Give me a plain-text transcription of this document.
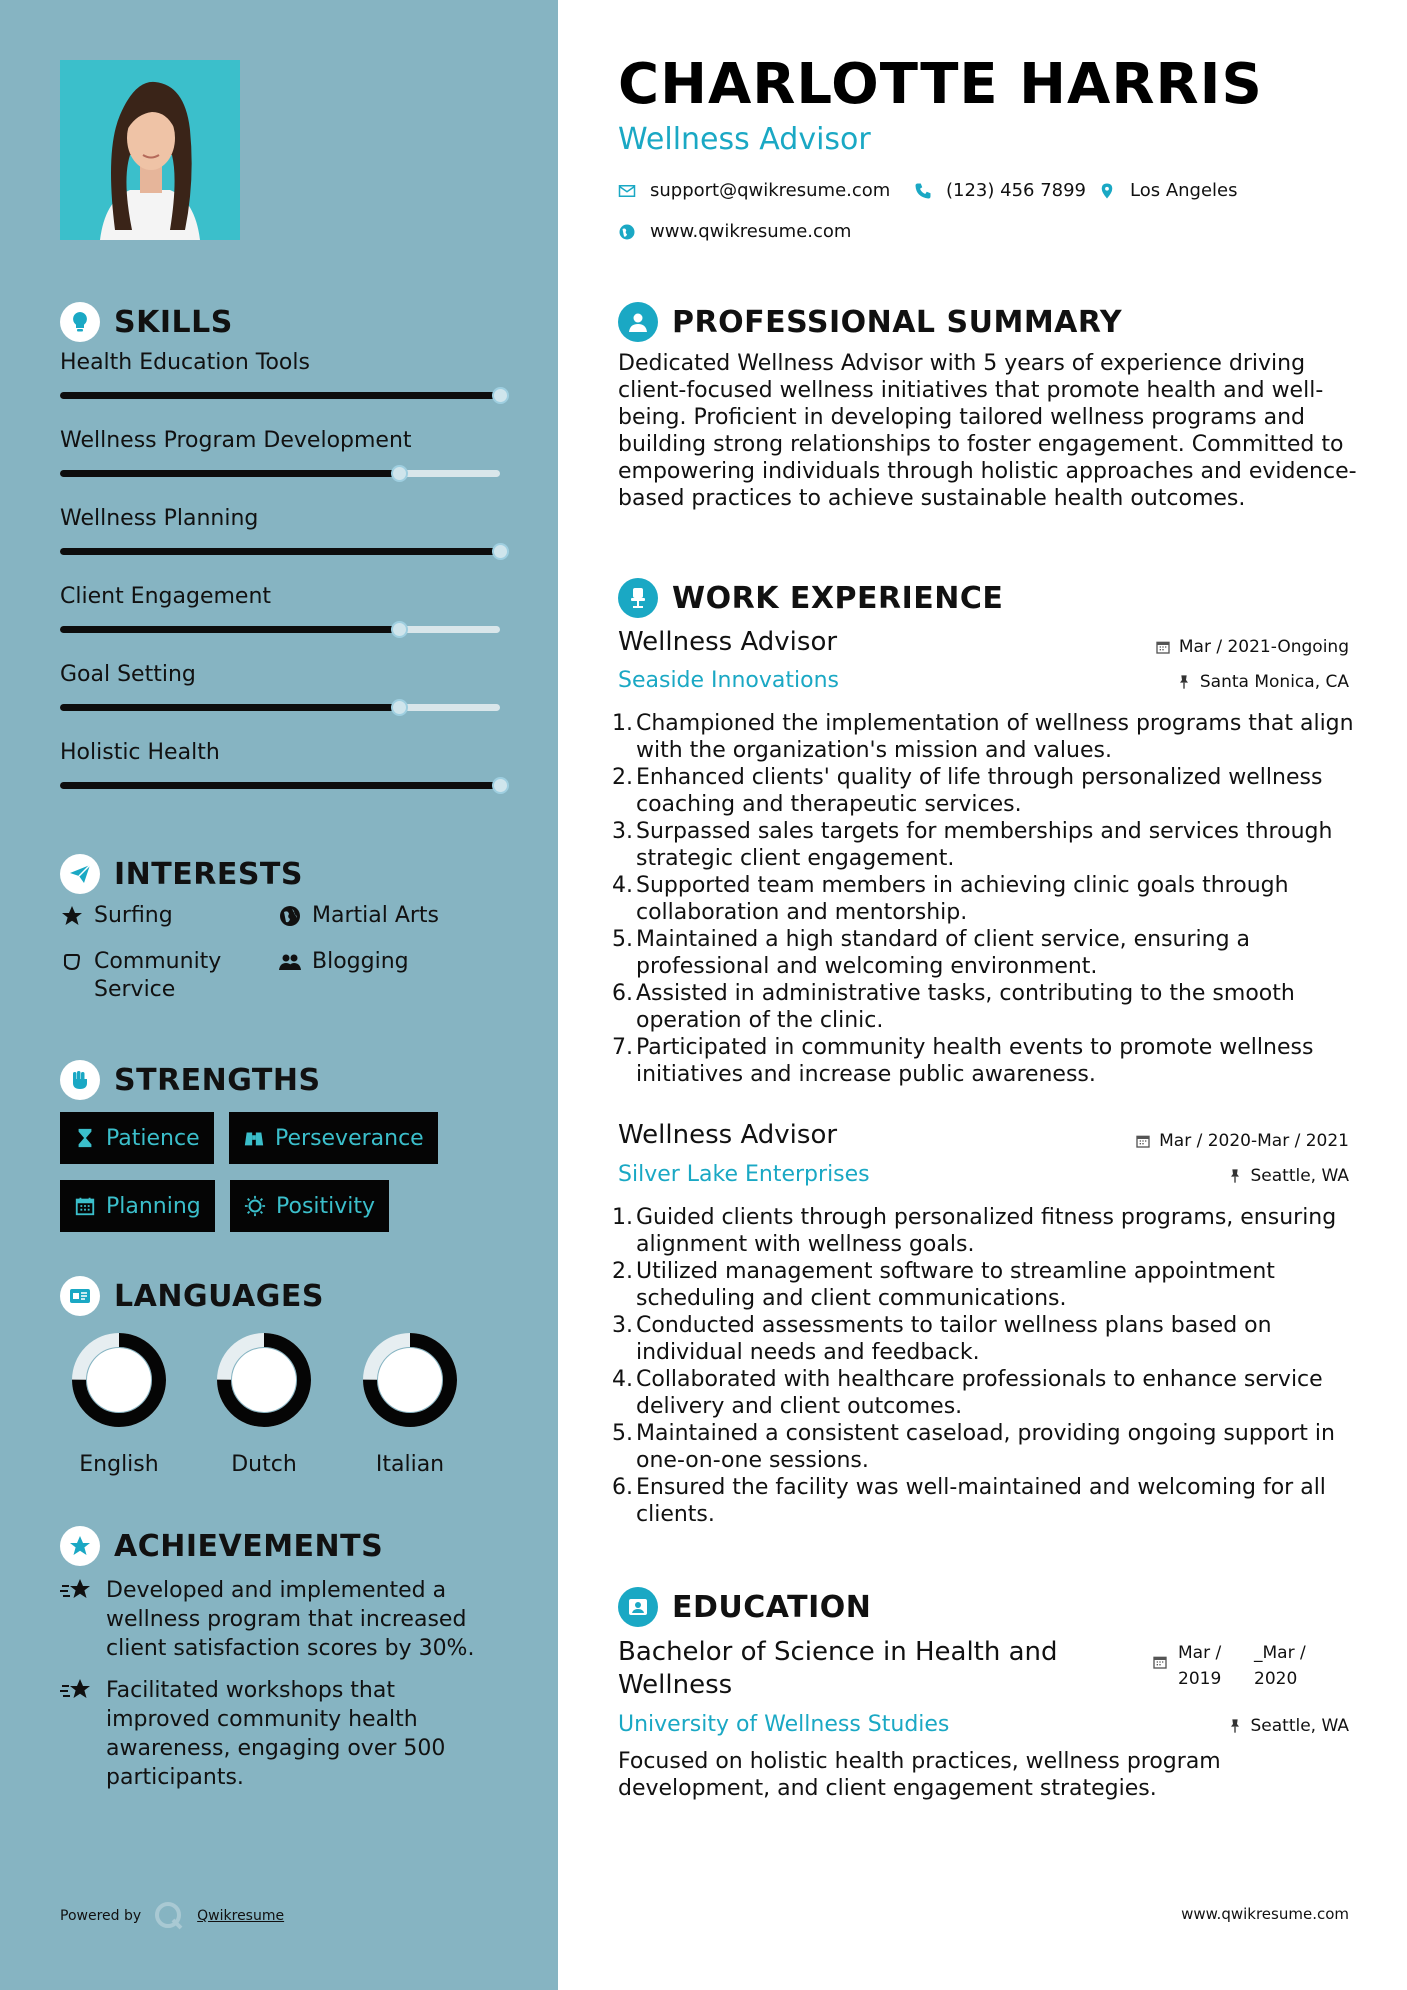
SKILLS
Health Education Tools
Wellness Program Development
Wellness Planning
Client Engagement
Goal Setting
Holistic Health
INTERESTS
Surfing	Martial Arts
Community Service
Blogging
STRENGTHS
Patience	Perseverance
Planning	Positivity
LANGUAGES
English	Dutch	Italian
ACHIEVEMENTS
Developed and implemented a wellness program that increased client satisfaction scores by 30%.
Facilitated workshops that improved community health awareness, engaging over 500 participants.
Powered by	Qwikresume
CHARLOTTE HARRIS
Wellness Advisor
support@qwikresume.com	(123) 456 7899 Los Angeles
www.qwikresume.com
PROFESSIONAL SUMMARY
Dedicated Wellness Advisor with 5 years of experience driving client-focused wellness initiatives that promote health and well-being. Proficient in developing tailored wellness programs and building strong relationships to foster engagement. Committed to empowering individuals through holistic approaches and evidence-based practices to achieve sustainable health outcomes.
WORK EXPERIENCE
Wellness Advisor
Seaside Innovations
Mar / 2021-Ongoing
Santa Monica, CA
1. Championed the implementation of wellness programs that align with the organization's mission and values.
2. Enhanced clients' quality of life through personalized wellness coaching and therapeutic services.
3. Surpassed sales targets for memberships and services through strategic client engagement.
4. Supported team members in achieving clinic goals through collaboration and mentorship.
5. Maintained a high standard of client service, ensuring a professional and welcoming environment.
6. Assisted in administrative tasks, contributing to the smooth operation of the clinic.
7. Participated in community health events to promote wellness initiatives and increase public awareness.
Wellness Advisor
Silver Lake Enterprises
Mar / 2020-Mar / 2021
Seattle, WA
1. Guided clients through personalized fitness programs, ensuring alignment with wellness goals.
2. Utilized management software to streamline appointment scheduling and client communications.
3. Conducted assessments to tailor wellness plans based on individual needs and feedback.
4. Collaborated with healthcare professionals to enhance service delivery and client outcomes.
5. Maintained a consistent caseload, providing ongoing support in one-on-one sessions.
6. Ensured the facility was well-maintained and welcoming for all clients.
EDUCATION
Bachelor of Science in Health and Wellness
Mar / 2019
_Mar / 2020
University of Wellness Studies	Seattle, WA
Focused on holistic health practices, wellness program development, and client engagement strategies.
www.qwikresume.com
